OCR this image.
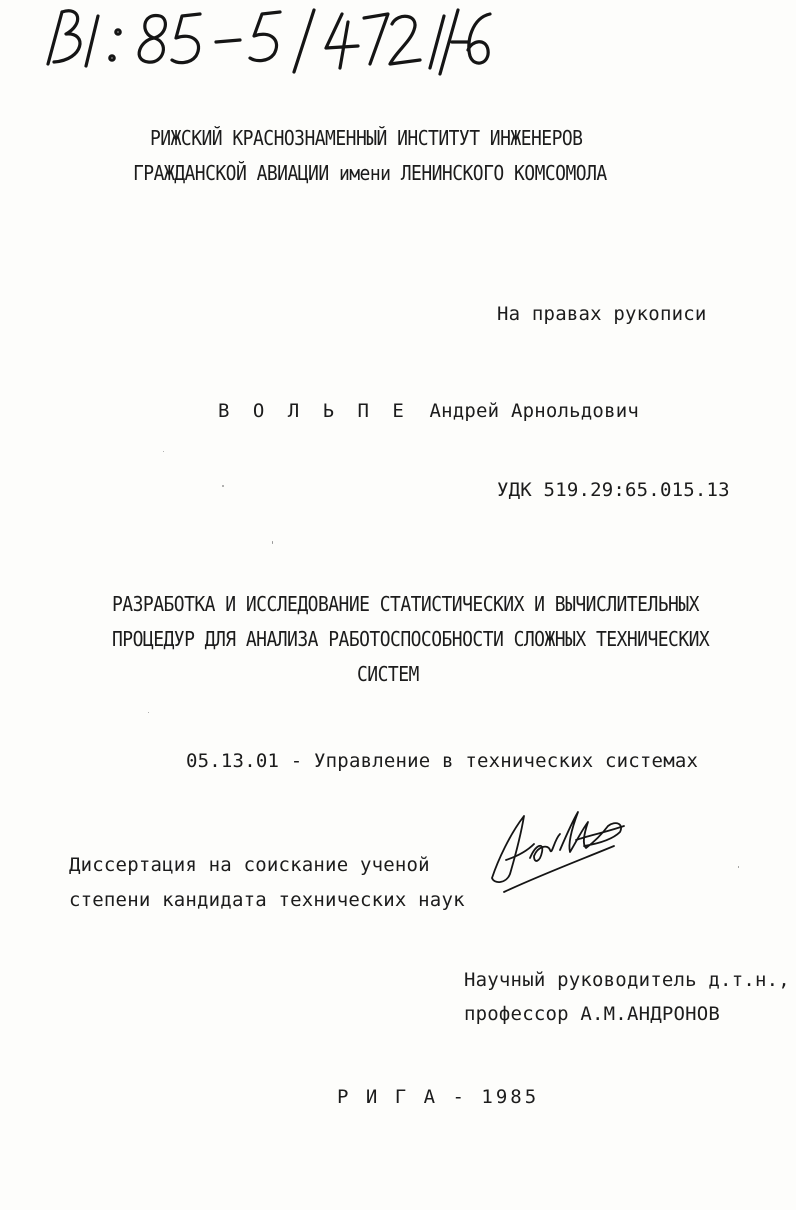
РИЖСКИЙ КРАСНОЗНАМЕННЫЙ ИНСТИТУТ ИНЖЕНЕРОВ
ГРАЖДАНСКОЙ АВИАЦИИ имени ЛЕНИНСКОГО КОМСОМОЛА
На правах рукописи
В О Л Ь П Е Андрей Арнольдович
УДК 519.29:65.015.13
РАЗРАБОТКА И ИССЛЕДОВАНИЕ СТАТИСТИЧЕСКИХ И ВЫЧИСЛИТЕЛЬНЫХ
ПРОЦЕДУР ДЛЯ АНАЛИЗА РАБОТОСПОСОБНОСТИ СЛОЖНЫХ ТЕХНИЧЕСКИХ
СИСТЕМ
05.13.01 - Управление в технических системах
Диссертация на соискание ученой
степени кандидата технических наук
Научный руководитель д.т.н.,
профессор А.М.АНДРОНОВ
Р И Г А - 1985
